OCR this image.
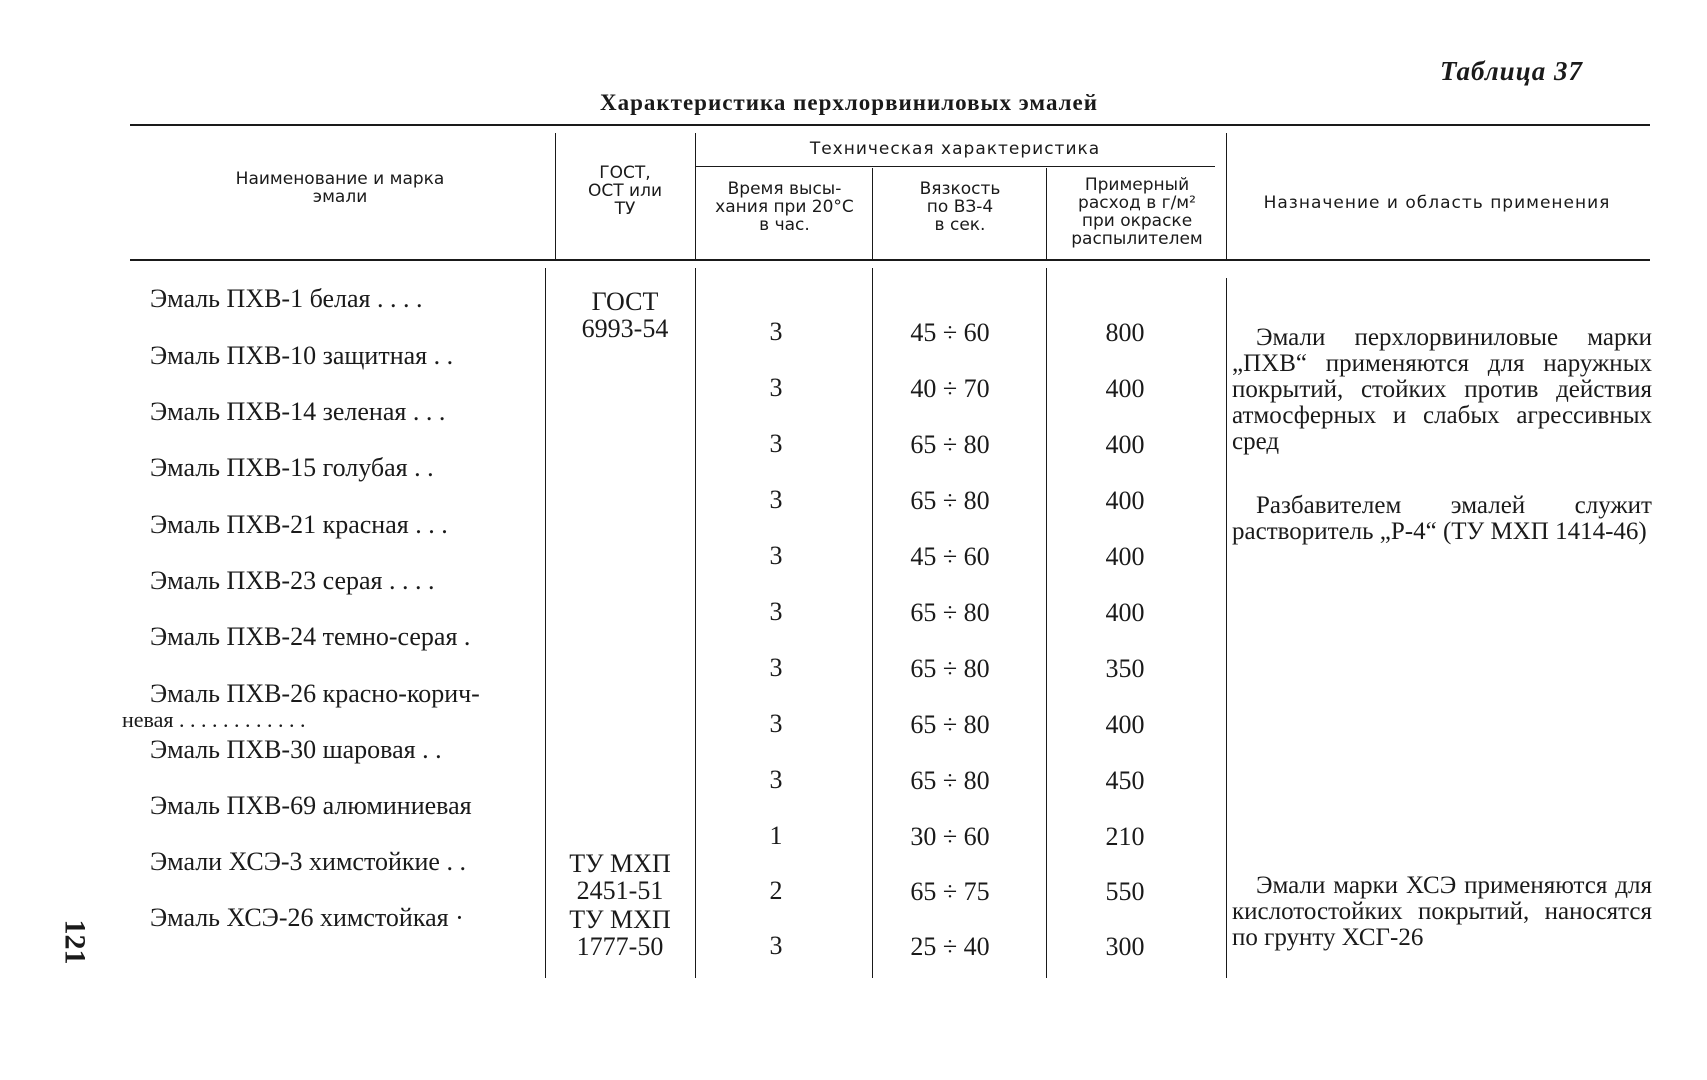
Таблица 37
Характеристика перхлорвиниловых эмалей
Наименование и марка
эмали
ГОСТ,
ОСТ или
ТУ
Техническая характеристика
Время высы-
хания при 20°С
в час.
Вязкость
по ВЗ-4
в сек.
Примерный
расход в г/м²
при окраске
распылителем
Назначение и область применения
Эмаль ПХВ-1 белая . . . .
Эмаль ПХВ-10 защитная . .
Эмаль ПХВ-14 зеленая . . .
Эмаль ПХВ-15 голубая . .
Эмаль ПХВ-21 красная . . .
Эмаль ПХВ-23 серая . . . .
Эмаль ПХВ-24 темно-серая .
Эмаль ПХВ-26 красно-корич-
невая . . . . . . . . . . . .
Эмаль ПХВ-30 шаровая . .
Эмаль ПХВ-69 алюминиевая
Эмали ХСЭ-3 химстойкие . .
Эмаль ХСЭ-26 химстойкая ·
ГОСТ
6993-54
ТУ МХП
2451-51
ТУ МХП
1777-50
3
3
3
3
3
3
3
3
3
1
2
3
45 ÷ 60
40 ÷ 70
65 ÷ 80
65 ÷ 80
45 ÷ 60
65 ÷ 80
65 ÷ 80
65 ÷ 80
65 ÷ 80
30 ÷ 60
65 ÷ 75
25 ÷ 40
800
400
400
400
400
400
350
400
450
210
550
300
Эмали перхлорвиниловые марки „ПХВ“ применяются для наружных покрытий, стойких против действия атмосферных и слабых агрессивных сред
Разбавителем эмалей служит растворитель „Р-4“ (ТУ МХП 1414-46)
Эмали марки ХСЭ применяются для кислотостойких покрытий, наносятся по грунту ХСГ-26
121
